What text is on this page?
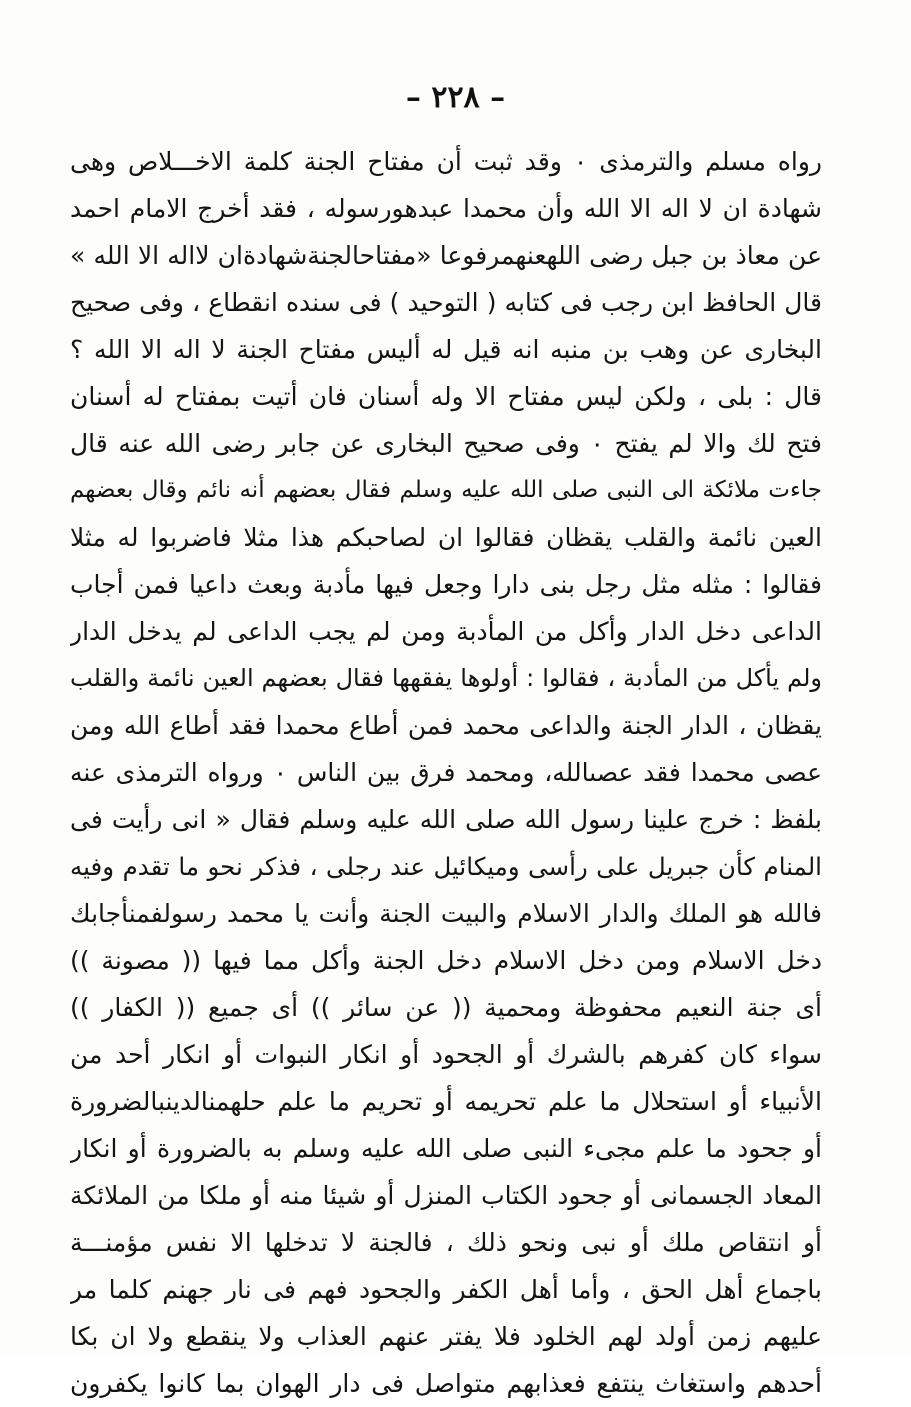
– ٢٢٨ –
رواه مسلم والترمذى ٠ وقد ثبت أن مفتاح الجنة كلمة الاخـــلاص وهى
شهادة ان لا اله الا الله وأن محمدا عبدهورسوله ، فقد أخرج الامام احمد
عن معاذ بن جبل رضى اللهعنهمرفوعا «مفتاحالجنةشهادةان لااله الا الله »
قال الحافظ ابن رجب فى كتابه ( التوحيد ) فى سنده انقطاع ، وفى صحيح
البخارى عن وهب بن منبه انه قيل له أليس مفتاح الجنة لا اله الا الله ؟
قال : بلى ، ولكن ليس مفتاح الا وله أسنان فان أتيت بمفتاح له أسنان
فتح لك والا لم يفتح ٠ وفى صحيح البخارى عن جابر رضى الله عنه قال
جاءت ملائكة الى النبى صلى الله عليه وسلم فقال بعضهم أنه نائم وقال بعضهم
العين نائمة والقلب يقظان فقالوا ان لصاحبكم هذا مثلا فاضربوا له مثلا
فقالوا : مثله مثل رجل بنى دارا وجعل فيها مأدبة وبعث داعيا فمن أجاب
الداعى دخل الدار وأكل من المأدبة ومن لم يجب الداعى لم يدخل الدار
ولم يأكل من المأدبة ، فقالوا : أولوها يفقهها فقال بعضهم العين نائمة والقلب
يقظان ، الدار الجنة والداعى محمد فمن أطاع محمدا فقد أطاع الله ومن
عصى محمدا فقد عصىالله، ومحمد فرق بين الناس ٠ ورواه الترمذى عنه
بلفظ : خرج علينا رسول الله صلى الله عليه وسلم فقال « انى رأيت فى
المنام كأن جبريل على رأسى وميكائيل عند رجلى ، فذكر نحو ما تقدم وفيه
فالله هو الملك والدار الاسلام والبيت الجنة وأنت يا محمد رسولفمنأجابك
دخل الاسلام ومن دخل الاسلام دخل الجنة وأكل مما فيها (( مصونة ))
أى جنة النعيم محفوظة ومحمية (( عن سائر )) أى جميع (( الكفار ))
سواء كان كفرهم بالشرك أو الجحود أو انكار النبوات أو انكار أحد من
الأنبياء أو استحلال ما علم تحريمه أو تحريم ما علم حلهمنالدينبالضرورة
أو جحود ما علم مجىء النبى صلى الله عليه وسلم به بالضرورة أو انكار
المعاد الجسمانى أو جحود الكتاب المنزل أو شيئا منه أو ملكا من الملائكة
أو انتقاص ملك أو نبى ونحو ذلك ، فالجنة لا تدخلها الا نفس مؤمنـــة
باجماع أهل الحق ، وأما أهل الكفر والجحود فهم فى نار جهنم كلما مر
عليهم زمن أولد لهم الخلود فلا يفتر عنهم العذاب ولا ينقطع ولا ان بكا
أحدهم واستغاث ينتفع فعذابهم متواصل فى دار الهوان بما كانوا يكفرون
